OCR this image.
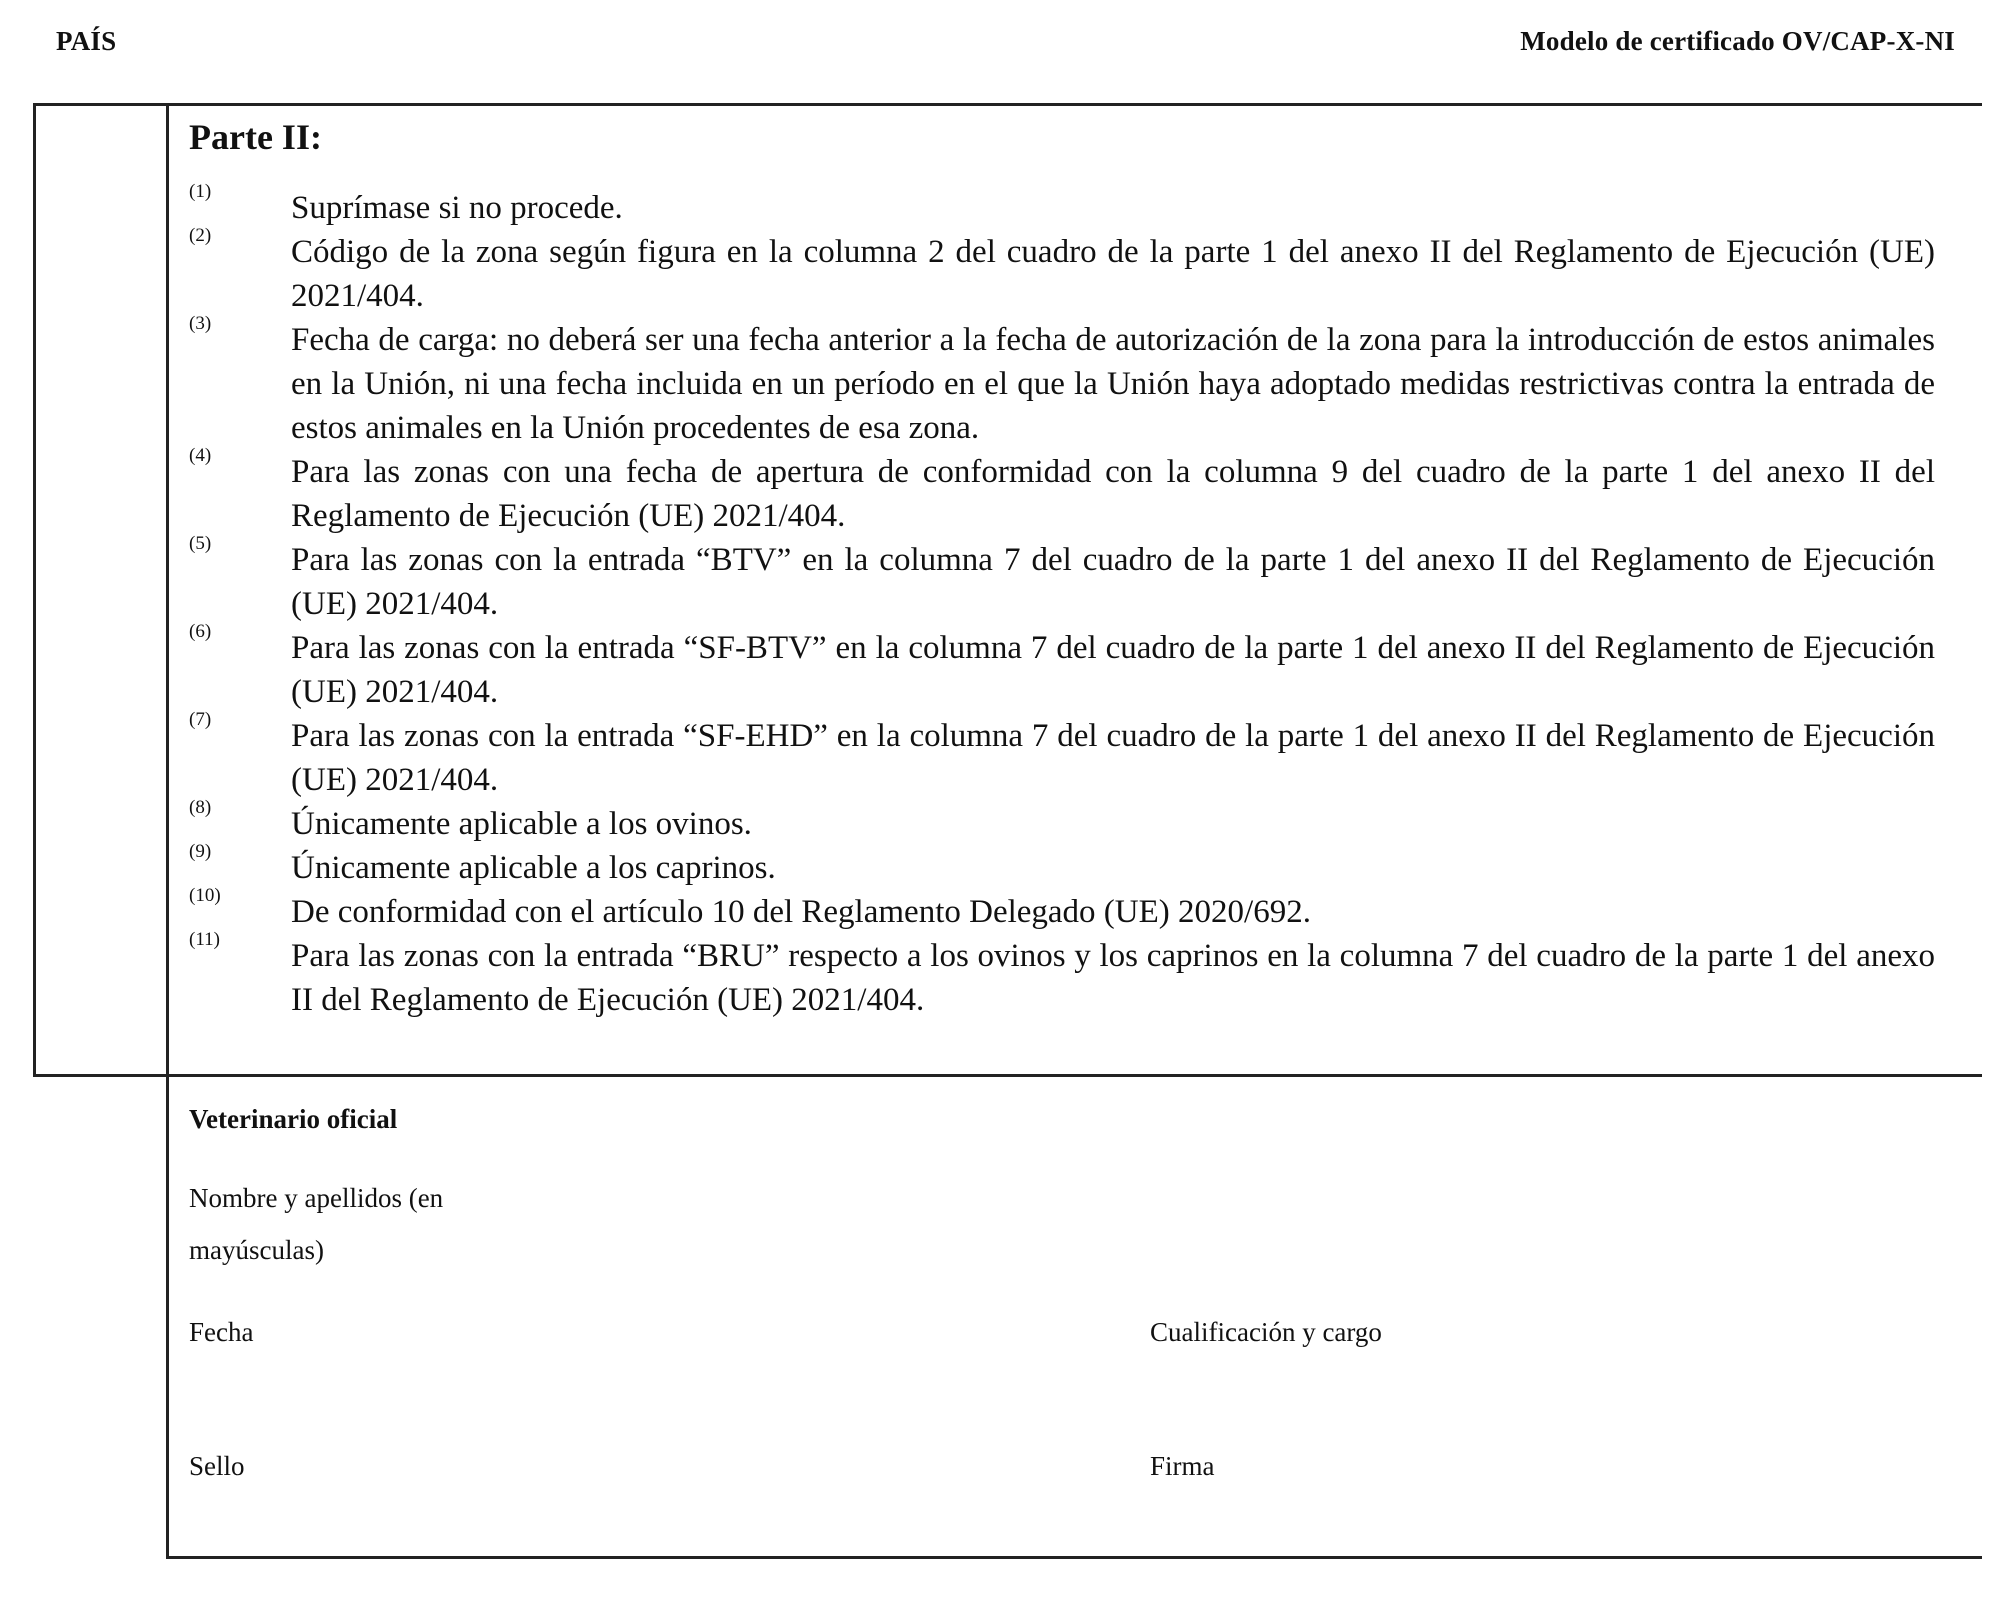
PAÍS	Modelo de certificado OV/CAP-X-NI
Parte II:
(1) Suprímase si no procede.
(2) Código de la zona según figura en la columna 2 del cuadro de la parte 1 del anexo II del Reglamento de Ejecución (UE) 2021/404.
(3) Fecha de carga: no deberá ser una fecha anterior a la fecha de autorización de la zona para la introducción de estos animales en la Unión, ni una fecha incluida en un período en el que la Unión haya adoptado medidas restrictivas contra la entrada de estos animales en la Unión procedentes de esa zona.
(4) Para las zonas con una fecha de apertura de conformidad con la columna 9 del cuadro de la parte 1 del anexo II del Reglamento de Ejecución (UE) 2021/404.
(5) Para las zonas con la entrada “BTV” en la columna 7 del cuadro de la parte 1 del anexo II del Reglamento de Ejecución (UE) 2021/404.
(6) Para las zonas con la entrada “SF-BTV” en la columna 7 del cuadro de la parte 1 del anexo II del Reglamento de Ejecución (UE) 2021/404.
(7) Para las zonas con la entrada “SF-EHD” en la columna 7 del cuadro de la parte 1 del anexo II del Reglamento de Ejecución (UE) 2021/404.
(8) Únicamente aplicable a los ovinos.
(9) Únicamente aplicable a los caprinos.
(10) De conformidad con el artículo 10 del Reglamento Delegado (UE) 2020/692.
(11) Para las zonas con la entrada “BRU” respecto a los ovinos y los caprinos en la columna 7 del cuadro de la parte 1 del anexo II del Reglamento de Ejecución (UE) 2021/404.
Veterinario oficial
Nombre y apellidos (en mayúsculas)
Fecha	Cualificación y cargo
Sello	Firma
